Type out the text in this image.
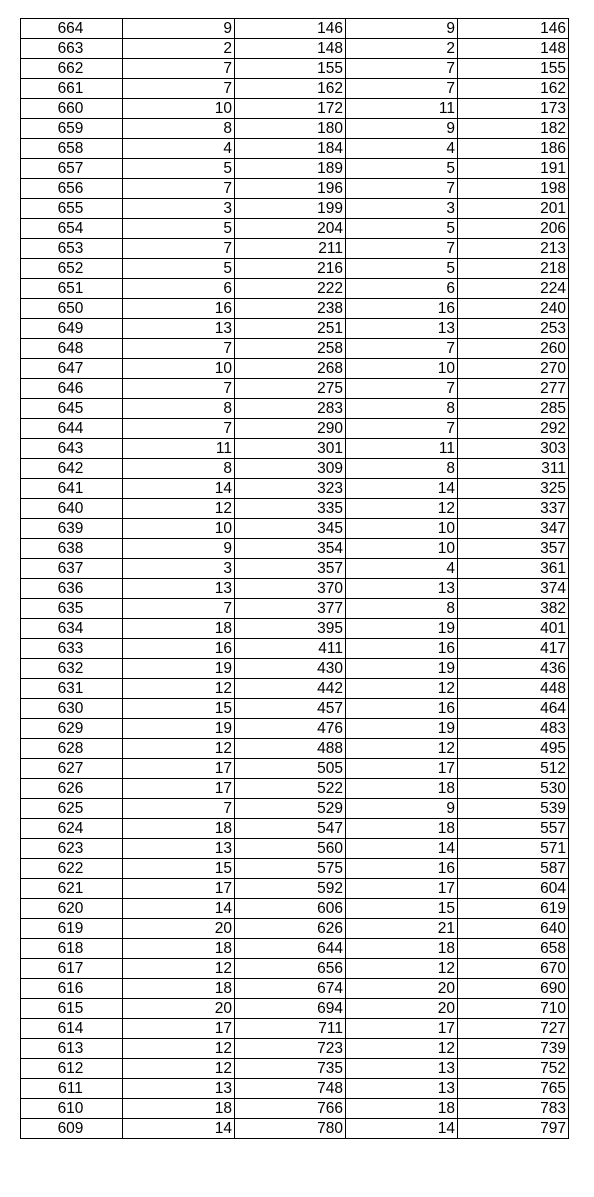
664	9	146	9	146
663	2	148	2	148
662	7	155	7	155
661	7	162	7	162
660	10	172	11	173
659	8	180	9	182
658	4	184	4	186
657	5	189	5	191
656	7	196	7	198
655	3	199	3	201
654	5	204	5	206
653	7	211	7	213
652	5	216	5	218
651	6	222	6	224
650	16	238	16	240
649	13	251	13	253
648	7	258	7	260
647	10	268	10	270
646	7	275	7	277
645	8	283	8	285
644	7	290	7	292
643	11	301	11	303
642	8	309	8	311
641	14	323	14	325
640	12	335	12	337
639	10	345	10	347
638	9	354	10	357
637	3	357	4	361
636	13	370	13	374
635	7	377	8	382
634	18	395	19	401
633	16	411	16	417
632	19	430	19	436
631	12	442	12	448
630	15	457	16	464
629	19	476	19	483
628	12	488	12	495
627	17	505	17	512
626	17	522	18	530
625	7	529	9	539
624	18	547	18	557
623	13	560	14	571
622	15	575	16	587
621	17	592	17	604
620	14	606	15	619
619	20	626	21	640
618	18	644	18	658
617	12	656	12	670
616	18	674	20	690
615	20	694	20	710
614	17	711	17	727
613	12	723	12	739
612	12	735	13	752
611	13	748	13	765
610	18	766	18	783
609	14	780	14	797
